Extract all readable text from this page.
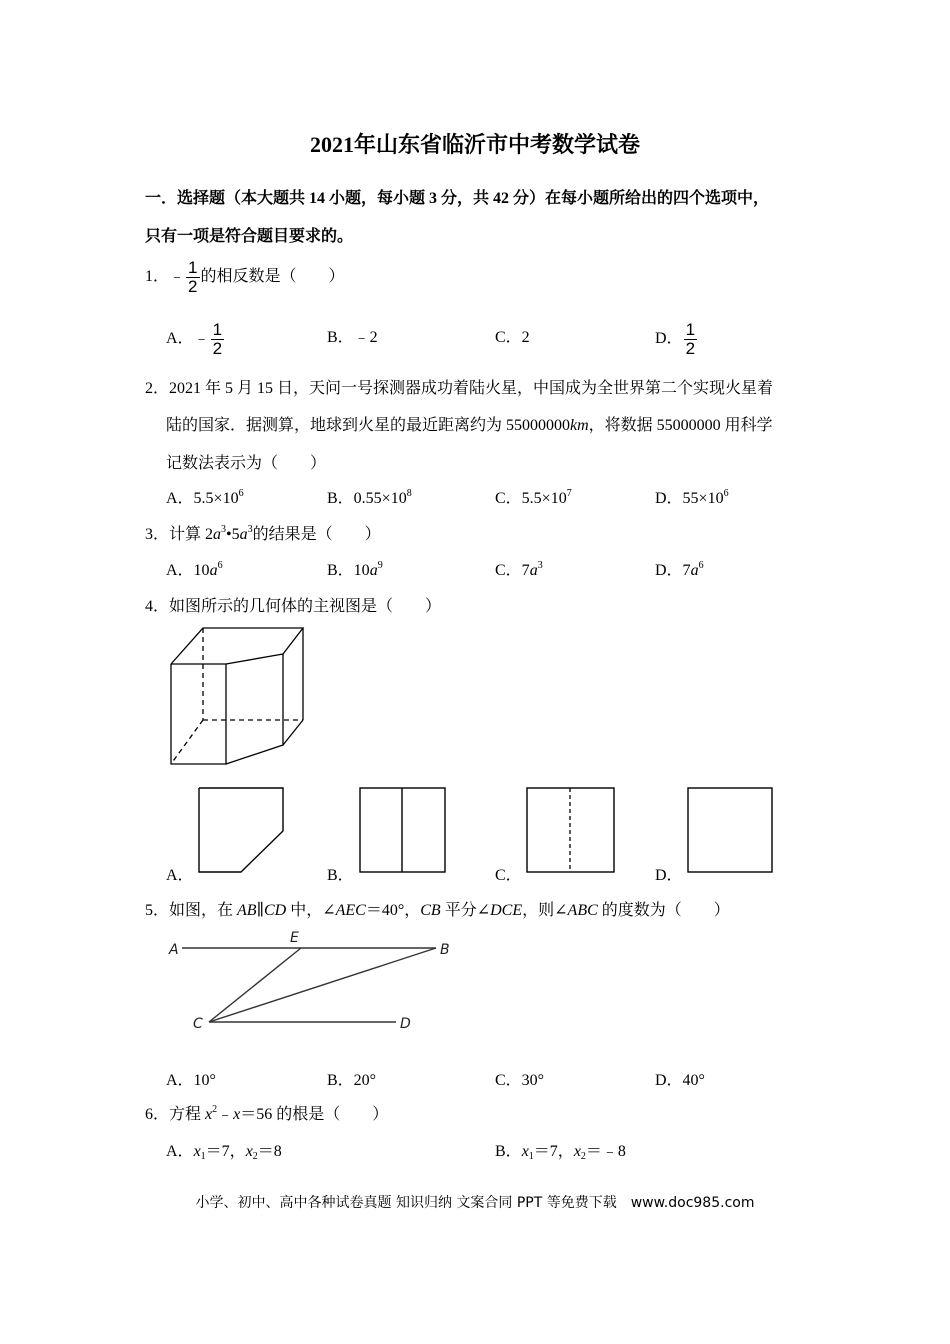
2021年山东省临沂市中考数学试卷
一．选择题（本大题共 14 小题，每小题 3 分，共 42 分）在每小题所给出的四个选项中，
只有一项是符合题目要求的。
1．﹣ $\frac{1}{2}$ 的相反数是（　　）
A．﹣ $\frac{1}{2}$	B．﹣2	C．2	D． $\frac{1}{2}$
2．2021 年 5 月 15 日，天问一号探测器成功着陆火星，中国成为全世界第二个实现火星着
陆的国家．据测算，地球到火星的最近距离约为 55000000km，将数据 55000000 用科学
记数法表示为（　　）
A．$5.5\times 10^6$	B．$0.55\times 10^8$	C．$5.5\times 10^7$	D．$55\times 10^6$
3．计算 $2a^3•5a^3$的结果是（　　）
A．$10a^6$	B．$10a^9$	C．$7a^3$	D．$7a^6$
4．如图所示的几何体的主视图是（　　）
A．	B．	C．	D．
5．如图，在 AB∥CD 中，∠AEC＝40°，CB 平分∠DCE，则∠ABC 的度数为（　　）
A
E
B
C	D
A．10°	B．20°	C．30°	D．40°
6．方程 $x^2﹣x=56$ 的根是（　　）
A．$x_1=7$，$x_2=8$	B．$x_1=7$，$x_2=﹣8$
小学、初中、高中各种试卷真题 知识归纳 文案合同 PPT 等免费下载　www.doc985.com
